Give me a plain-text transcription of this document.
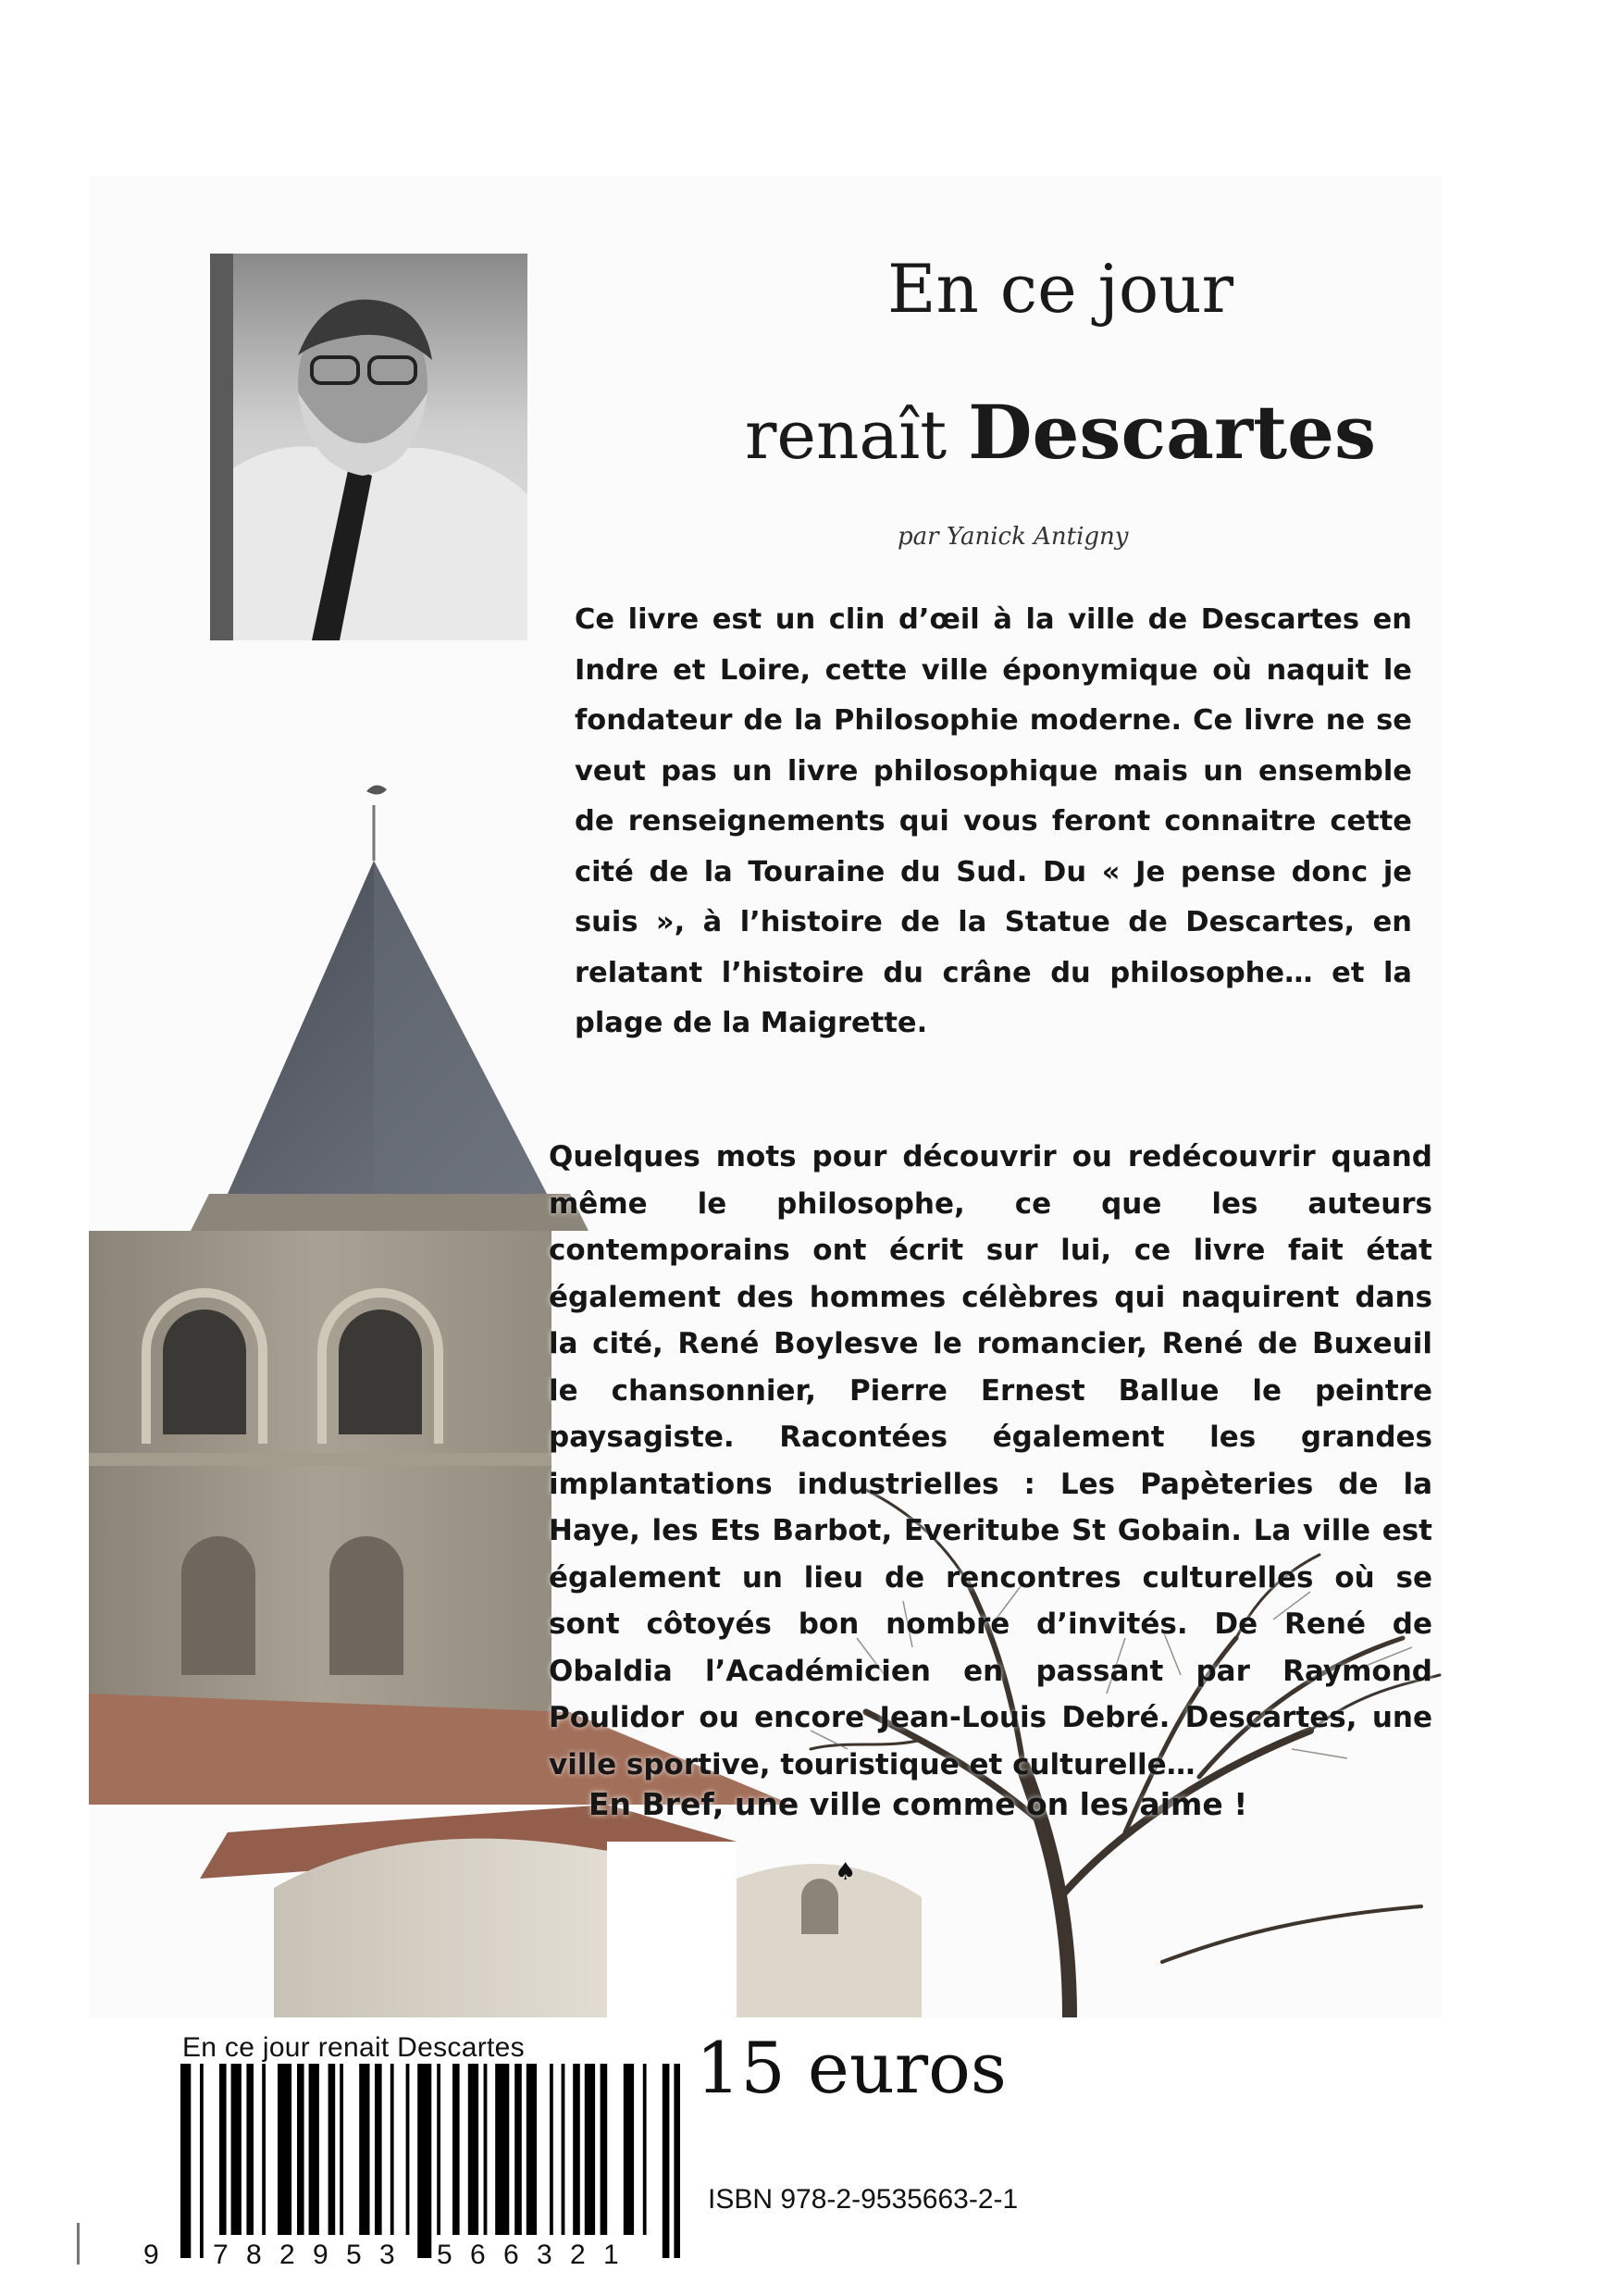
En ce jour
renaît Descartes
par Yanick Antigny
Ce livre est un clin d’œil à la ville de Descartes en Indre et Loire, cette ville éponymique où naquit le fondateur de la Philosophie moderne. Ce livre ne se veut pas un livre philosophique mais un ensemble de renseignements qui vous feront connaitre cette cité de la Touraine du Sud. Du « Je pense donc je suis », à l’histoire de la Statue de Descartes, en relatant l’histoire du crâne du philosophe… et la plage de la Maigrette.
Quelques mots pour découvrir ou redécouvrir quand même le philosophe, ce que les auteurs contemporains ont écrit sur lui, ce livre fait état également des hommes célèbres qui naquirent dans la cité, René Boylesve le romancier, René de Buxeuil le chansonnier, Pierre Ernest Ballue le peintre paysagiste. Racontées également les grandes implantations industrielles : Les Papèteries de la Haye, les Ets Barbot, Everitube St Gobain. La ville est également un lieu de rencontres culturelles où se sont côtoyés bon nombre d’invités. De René de Obaldia l’Académicien en passant par Raymond Poulidor ou encore Jean-Louis Debré. Descartes, une ville sportive, touristique et culturelle…
En Bref, une ville comme on les aime !
♠
En ce jour renait Descartes
9 7 8 2 9 5 3 5 6 6 3 2 1
15 euros
ISBN 978-2-9535663-2-1
